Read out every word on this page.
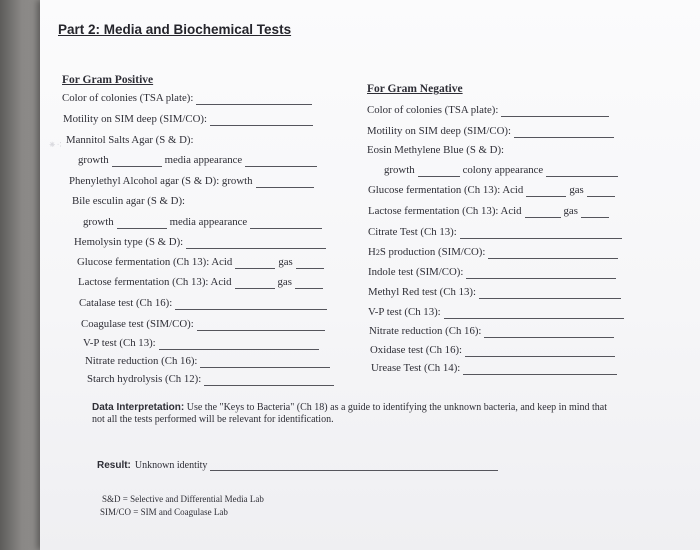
⁕⁖
Part 2: Media and Biochemical Tests
For Gram Positive
Color of colonies (TSA plate):
Motility on SIM deep (SIM/CO):
Mannitol Salts Agar (S & D):
growth	media appearance
Phenylethyl Alcohol agar (S & D): growth
Bile esculin agar (S & D):
growth	media appearance
Hemolysin type (S & D):
Glucose fermentation (Ch 13): Acid	gas
Lactose fermentation (Ch 13): Acid	gas
Catalase test (Ch 16):
Coagulase test (SIM/CO):
V-P test (Ch 13):
Nitrate reduction (Ch 16):
Starch hydrolysis (Ch 12):
For Gram Negative
Color of colonies (TSA plate):
Motility on SIM deep (SIM/CO):
Eosin Methylene Blue (S & D):
growth	colony appearance
Glucose fermentation (Ch 13): Acid	gas
Lactose fermentation (Ch 13): Acid	gas
Citrate Test (Ch 13):
H 2 S production (SIM/CO):
Indole test (SIM/CO):
Methyl Red test (Ch 13):
V-P test (Ch 13):
Nitrate reduction (Ch 16):
Oxidase test (Ch 16):
Urease Test (Ch 14):
Data Interpretation: Use the "Keys to Bacteria" (Ch 18) as a guide to identifying the unknown bacteria, and keep in mind that not all the tests performed will be relevant for identification.
Result: Unknown identity
S&D = Selective and Differential Media Lab
SIM/CO = SIM and Coagulase Lab
